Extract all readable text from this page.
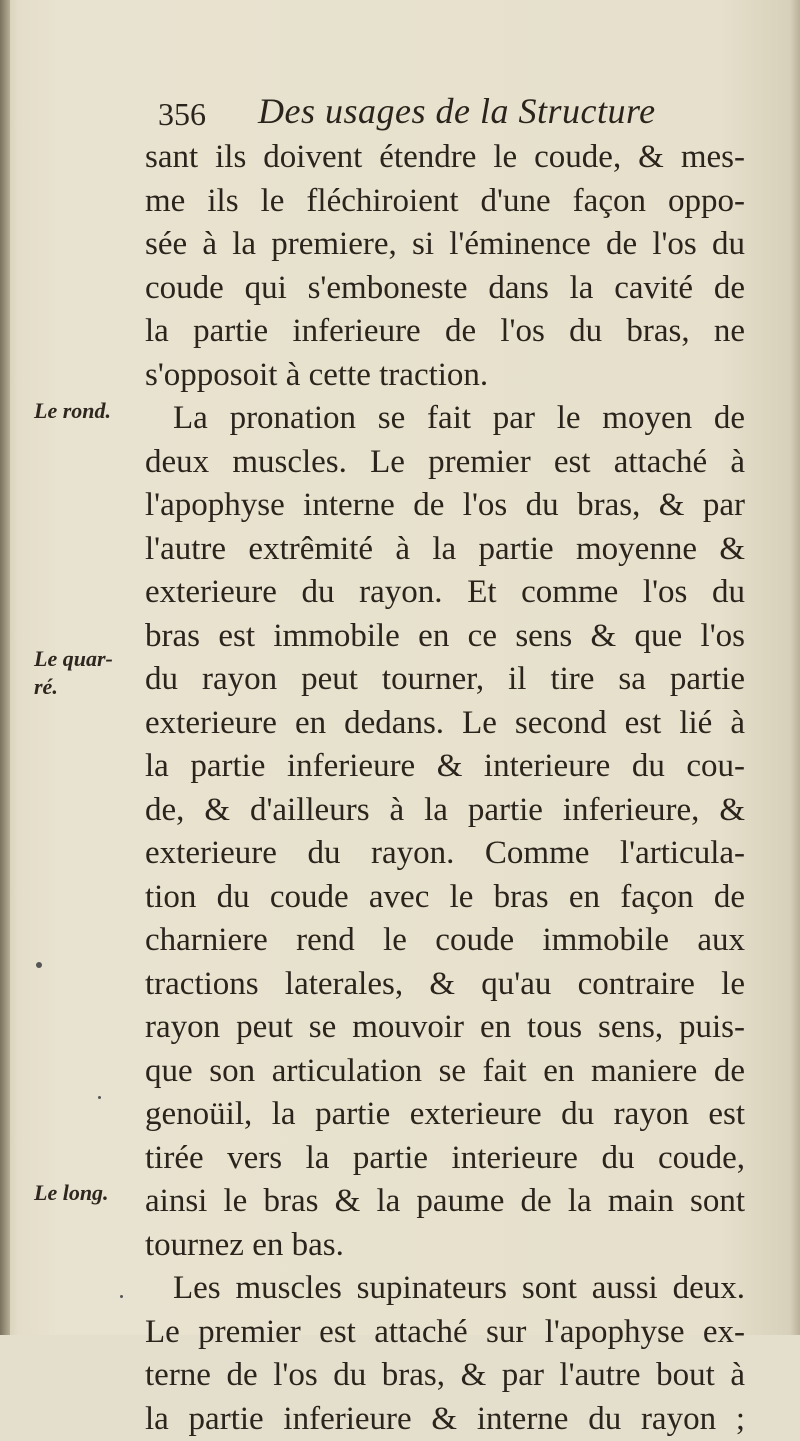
356 Des usages de la Structure
Le rond.
Le quar-
ré.
Le long.
sant ils doivent étendre le coude, & mes-
me ils le fléchiroient d'une façon oppo-
sée à la premiere, si l'éminence de l'os du
coude qui s'emboneste dans la cavité de
la partie inferieure de l'os du bras, ne
s'opposoit à cette traction.
La pronation se fait par le moyen de
deux muscles. Le premier est attaché à
l'apophyse interne de l'os du bras, & par
l'autre extrêmité à la partie moyenne &
exterieure du rayon. Et comme l'os du
bras est immobile en ce sens & que l'os
du rayon peut tourner, il tire sa partie
exterieure en dedans. Le second est lié à
la partie inferieure & interieure du cou-
de, & d'ailleurs à la partie inferieure, &
exterieure du rayon. Comme l'articula-
tion du coude avec le bras en façon de
charniere rend le coude immobile aux
tractions laterales, & qu'au contraire le
rayon peut se mouvoir en tous sens, puis-
que son articulation se fait en maniere de
genoüil, la partie exterieure du rayon est
tirée vers la partie interieure du coude,
ainsi le bras & la paume de la main sont
tournez en bas.
Les muscles supinateurs sont aussi deux.
Le premier est attaché sur l'apophyse ex-
terne de l'os du bras, & par l'autre bout à
la partie inferieure & interne du rayon ;
